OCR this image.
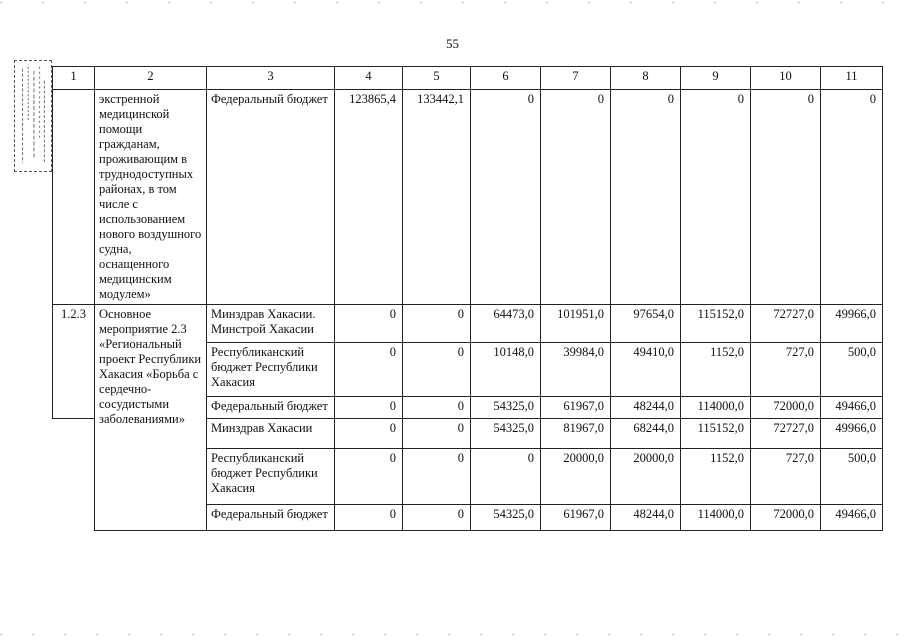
55
1	2	3	4	5	6	7	8	9	10	11
	экстренной медицинской помощи гражданам, проживающим в труднодоступных районах, в том числе с использованием нового воздушного судна, оснащенного медицинским модулем»	Федеральный бюджет	123865,4	133442,1	0	0	0	0	0	0
1.2.3	Основное мероприятие 2.3 «Региональный проект Республики Хакасия «Борьба с сердечно-сосудистыми заболеваниями»	Минздрав Хакасии. Минстрой Хакасии	0	0	64473,0	101951,0	97654,0	115152,0	72727,0	49966,0
		Республиканский бюджет Республики Хакасия	0	0	10148,0	39984,0	49410,0	1152,0	727,0	500,0
		Федеральный бюджет	0	0	54325,0	61967,0	48244,0	114000,0	72000,0	49466,0
		Минздрав Хакасии	0	0	54325,0	81967,0	68244,0	115152,0	72727,0	49966,0
		Республиканский бюджет Республики Хакасия	0	0	0	20000,0	20000,0	1152,0	727,0	500,0
		Федеральный бюджет	0	0	54325,0	61967,0	48244,0	114000,0	72000,0	49466,0
